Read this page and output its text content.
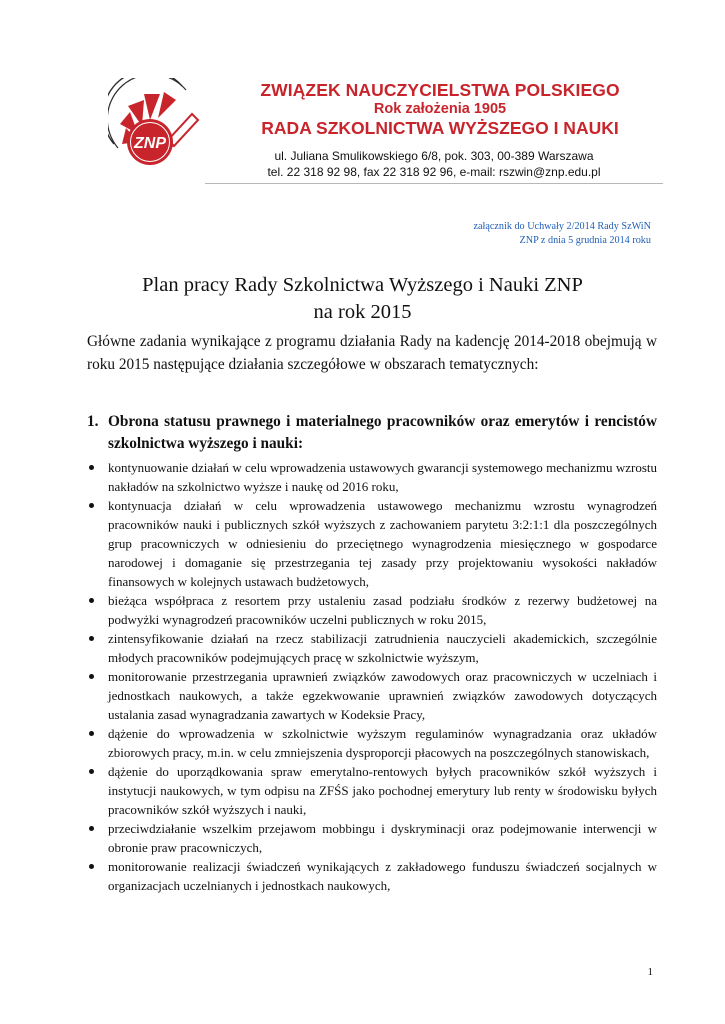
ZNP
ZWIĄZEK NAUCZYCIELSTWA POLSKIEGO
Rok założenia 1905
RADA SZKOLNICTWA WYŻSZEGO I NAUKI
ul. Juliana Smulikowskiego 6/8, pok. 303, 00-389 Warszawa
tel. 22 318 92 98, fax 22 318 92 96, e-mail: rszwin@znp.edu.pl
załącznik do Uchwały 2/2014 Rady SzWiN
ZNP z dnia 5 grudnia 2014 roku
Plan pracy Rady Szkolnictwa Wyższego i Nauki ZNP
na rok 2015
Główne zadania wynikające z programu działania Rady na kadencję 2014-2018 obejmują w roku 2015 następujące działania szczegółowe w obszarach tematycznych:
1. Obrona statusu prawnego i materialnego pracowników oraz emerytów i rencistów szkolnictwa wyższego i nauki:
kontynuowanie działań w celu wprowadzenia ustawowych gwarancji systemowego mechanizmu wzrostu nakładów na szkolnictwo wyższe i naukę od 2016 roku,
kontynuacja działań w celu wprowadzenia ustawowego mechanizmu wzrostu wynagrodzeń pracowników nauki i publicznych szkół wyższych z zachowaniem parytetu 3:2:1:1 dla poszczególnych grup pracowniczych w odniesieniu do przeciętnego wynagrodzenia miesięcznego w gospodarce narodowej i domaganie się przestrzegania tej zasady przy projektowaniu wysokości nakładów finansowych w kolejnych ustawach budżetowych,
bieżąca współpraca z resortem przy ustaleniu zasad podziału środków z rezerwy budżetowej na podwyżki wynagrodzeń pracowników uczelni publicznych w roku 2015,
zintensyfikowanie działań na rzecz stabilizacji zatrudnienia nauczycieli akademickich, szczególnie młodych pracowników podejmujących pracę w szkolnictwie wyższym,
monitorowanie przestrzegania uprawnień związków zawodowych oraz pracowniczych w uczelniach i jednostkach naukowych, a także egzekwowanie uprawnień związków zawodowych dotyczących ustalania zasad wynagradzania zawartych w Kodeksie Pracy,
dążenie do wprowadzenia w szkolnictwie wyższym regulaminów wynagradzania oraz układów zbiorowych pracy, m.in. w celu zmniejszenia dysproporcji płacowych na poszczególnych stanowiskach,
dążenie do uporządkowania spraw emerytalno-rentowych byłych pracowników szkół wyższych i instytucji naukowych, w tym odpisu na ZFŚS jako pochodnej emerytury lub renty w środowisku byłych pracowników szkół wyższych i nauki,
przeciwdziałanie wszelkim przejawom mobbingu i dyskryminacji oraz podejmowanie interwencji w obronie praw pracowniczych,
monitorowanie realizacji świadczeń wynikających z zakładowego funduszu świadczeń socjalnych w organizacjach uczelnianych i jednostkach naukowych,
1
